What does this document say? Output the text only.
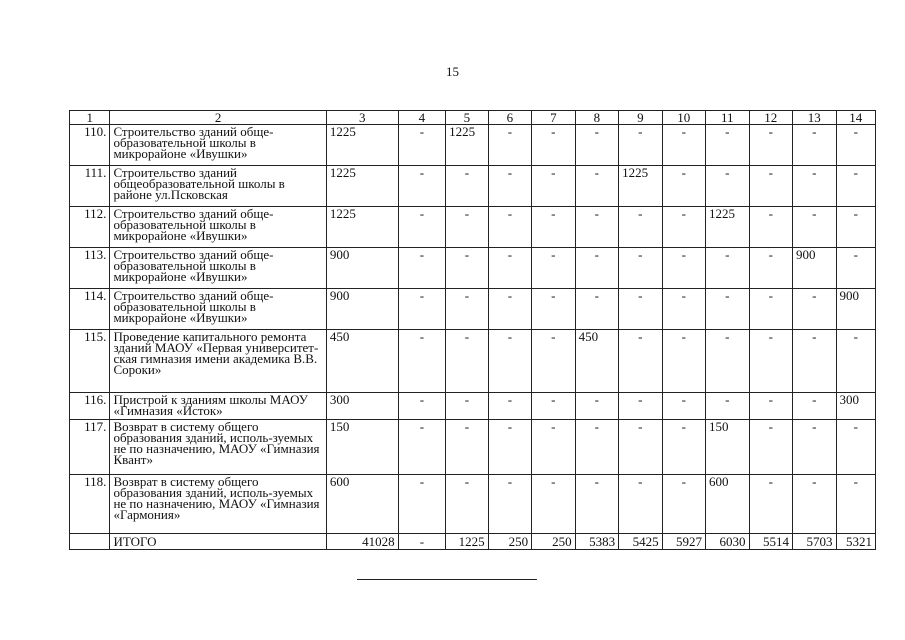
15
1	2	3	4	5	6	7	8	9	10	11	12	13	14
110.	Строительство зданий обще-образовательной школы в микрорайоне «Ивушки»	1225	-	1225	-	-	-	-	-	-	-	-	-
111.	Строительство зданий общеобразовательной школы в районе ул.Псковская	1225	-	-	-	-	-	1225	-	-	-	-	-
112.	Строительство зданий обще-образовательной школы в микрорайоне «Ивушки»	1225	-	-	-	-	-	-	-	1225	-	-	-
113.	Строительство зданий обще-образовательной школы в микрорайоне «Ивушки»	900	-	-	-	-	-	-	-	-	-	900	-
114.	Строительство зданий обще-образовательной школы в микрорайоне «Ивушки»	900	-	-	-	-	-	-	-	-	-	-	900
115.	Проведение капитального ремонта зданий МАОУ «Первая университет-ская гимназия имени академика В.В. Сороки»	450	-	-	-	-	450	-	-	-	-	-	-
116.	Пристрой к зданиям школы МАОУ «Гимназия «Исток»	300	-	-	-	-	-	-	-	-	-	-	300
117.	Возврат в систему общего образования зданий, исполь-зуемых не по назначению, МАОУ «Гимназия Квант»	150	-	-	-	-	-	-	-	150	-	-	-
118.	Возврат в систему общего образования зданий, исполь-зуемых не по назначению, МАОУ «Гимназия «Гармония»	600	-	-	-	-	-	-	-	600	-	-	-
	ИТОГО	41028	-	1225	250	250	5383	5425	5927	6030	5514	5703	5321
